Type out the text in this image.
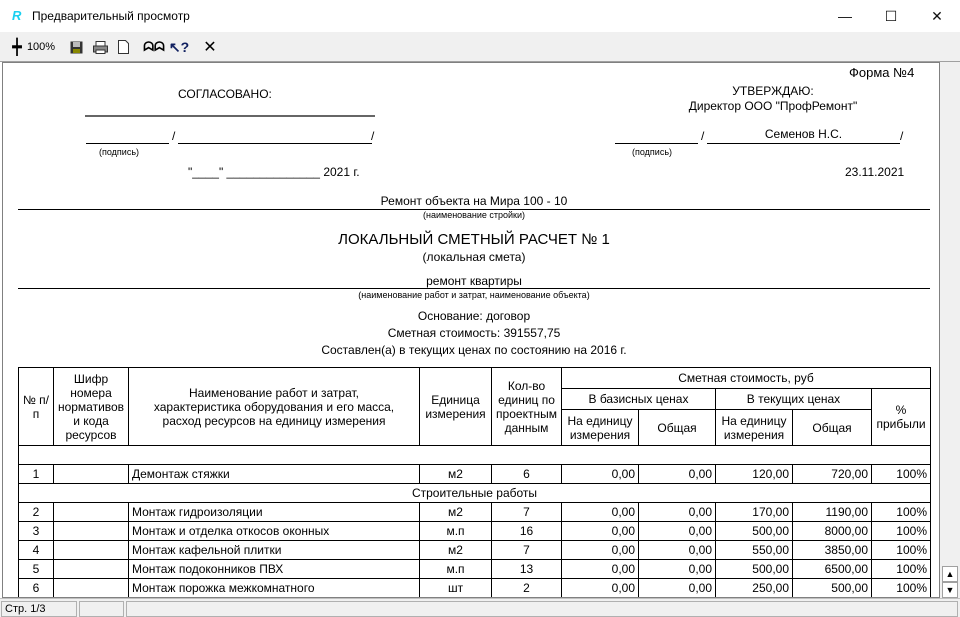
R Предварительный просмотр	—	☐	✕
┿ 100%	ᗣᗣ ↖? ✕
Форма №4
СОГЛАСОВАНО:
/	/
(подпись)
"____" ______________ 2021 г.
УТВЕРЖДАЮ:
Директор ООО "ПрофРемонт"
/	Семенов Н.С.	/
(подпись)
23.11.2021
Ремонт объекта на Мира 100 - 10
(наименование стройки)
ЛОКАЛЬНЫЙ СМЕТНЫЙ РАСЧЕТ № 1
(локальная смета)
ремонт квартиры
(наименование работ и затрат, наименование объекта)
Основание: договор
Сметная стоимость: 391557,75
Составлен(а) в текущих ценах по состоянию на 2016 г.
№ п/п	Шифр номера нормативов и кода ресурсов	Наименование работ и затрат, характеристика оборудования и его масса, расход ресурсов на единицу измерения	Единица измерения	Кол-во единиц по проектным данным	Сметная стоимость, руб				
					В базисных ценах		В текущих ценах		% прибыли
					На единицу измерения	Общая	На единицу измерения	Общая	

1		Демонтаж стяжки	м2	6	0,00	0,00	120,00	720,00	100%
Строительные работы									
2		Монтаж гидроизоляции	м2	7	0,00	0,00	170,00	1190,00	100%
3		Монтаж и отделка откосов оконных	м.п	16	0,00	0,00	500,00	8000,00	100%
4		Монтаж кафельной плитки	м2	7	0,00	0,00	550,00	3850,00	100%
5		Монтаж подоконников ПВХ	м.п	13	0,00	0,00	500,00	6500,00	100%
6		Монтаж порожка межкомнатного	шт	2	0,00	0,00	250,00	500,00	100%
▲
▼
Стр. 1/3
